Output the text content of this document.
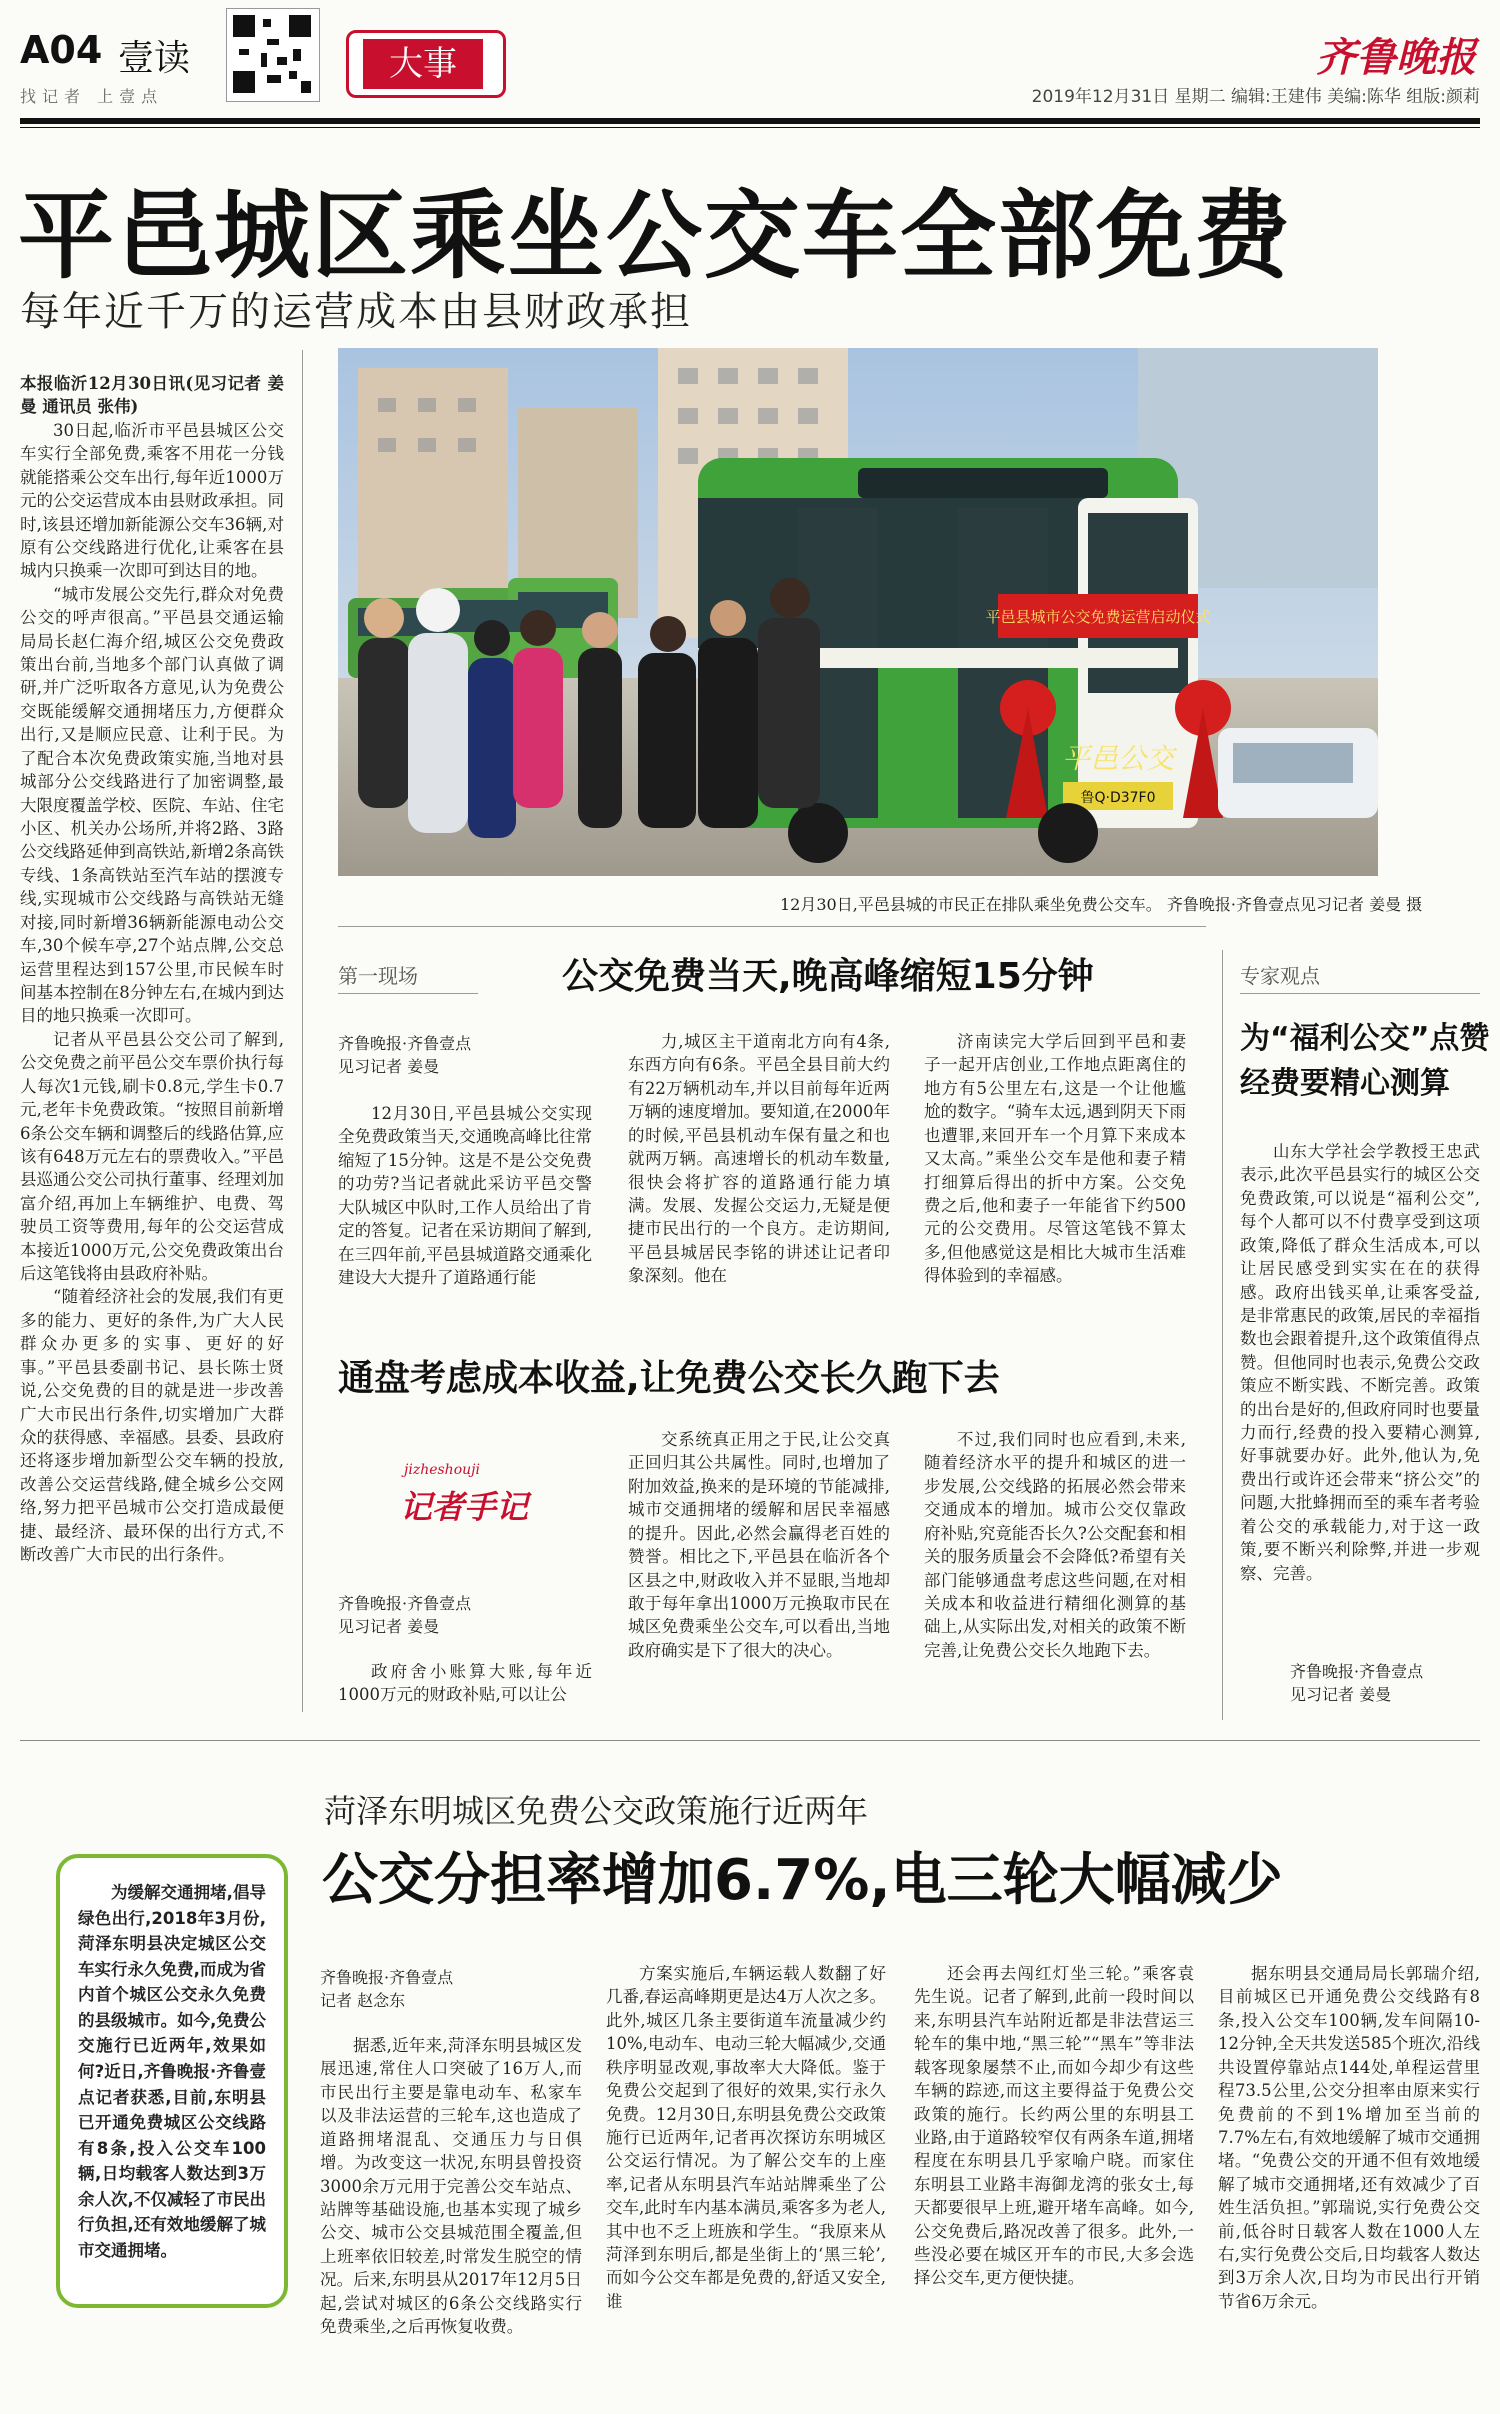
A04 壹读
找记者 上壹点
大事	齐鲁晚报
2019年12月31日 星期二 编辑:王建伟 美编:陈华 组版:颜莉
平邑城区乘坐公交车全部免费
每年近千万的运营成本由县财政承担

本报临沂12月30日讯(见习记者 姜曼 通讯员 张伟)

30日起,临沂市平邑县城区公交车实行全部免费,乘客不用花一分钱就能搭乘公交车出行,每年近1000万元的公交运营成本由县财政承担。同时,该县还增加新能源公交车36辆,对原有公交线路进行优化,让乘客在县城内只换乘一次即可到达目的地。

“城市发展公交先行,群众对免费公交的呼声很高。”平邑县交通运输局局长赵仁海介绍,城区公交免费政策出台前,当地多个部门认真做了调研,并广泛听取各方意见,认为免费公交既能缓解交通拥堵压力,方便群众出行,又是顺应民意、让利于民。为了配合本次免费政策实施,当地对县城部分公交线路进行了加密调整,最大限度覆盖学校、医院、车站、住宅小区、机关办公场所,并将2路、3路公交线路延伸到高铁站,新增2条高铁专线、1条高铁站至汽车站的摆渡专线,实现城市公交线路与高铁站无缝对接,同时新增36辆新能源电动公交车,30个候车亭,27个站点牌,公交总运营里程达到157公里,市民候车时间基本控制在8分钟左右,在城内到达目的地只换乘一次即可。

记者从平邑县公交公司了解到,公交免费之前平邑公交车票价执行每人每次1元钱,刷卡0.8元,学生卡0.7元,老年卡免费政策。“按照目前新增6条公交车辆和调整后的线路估算,应该有648万元左右的票费收入。”平邑县巡通公交公司执行董事、经理刘加富介绍,再加上车辆维护、电费、驾驶员工资等费用,每年的公交运营成本接近1000万元,公交免费政策出台后这笔钱将由县政府补贴。

“随着经济社会的发展,我们有更多的能力、更好的条件,为广大人民群众办更多的实事、更好的好事。”平邑县委副书记、县长陈士贤说,公交免费的目的就是进一步改善广大市民出行条件,切实增加广大群众的获得感、幸福感。县委、县政府还将逐步增加新型公交车辆的投放,改善公交运营线路,健全城乡公交网络,努力把平邑城市公交打造成最便捷、最经济、最环保的出行方式,不断改善广大市民的出行条件。

平邑县城市公交免费运营启动仪式
平邑公交
鲁Q·D37F0
12月30日,平邑县城的市民正在排队乘坐免费公交车。 齐鲁晚报·齐鲁壹点见习记者 姜曼 摄
第一现场	公交免费当天,晚高峰缩短15分钟
齐鲁晚报·齐鲁壹点
见习记者 姜曼

12月30日,平邑县城公交实现全免费政策当天,交通晚高峰比往常缩短了15分钟。这是不是公交免费的功劳?当记者就此采访平邑交警大队城区中队时,工作人员给出了肯定的答复。记者在采访期间了解到,在三四年前,平邑县城道路交通乘化建设大大提升了道路通行能

力,城区主干道南北方向有4条,东西方向有6条。平邑全县目前大约有22万辆机动车,并以目前每年近两万辆的速度增加。要知道,在2000年的时候,平邑县机动车保有量之和也就两万辆。高速增长的机动车数量,很快会将扩容的道路通行能力填满。发展、发握公交运力,无疑是便捷市民出行的一个良方。走访期间,平邑县城居民李铭的讲述让记者印象深刻。他在

济南读完大学后回到平邑和妻子一起开店创业,工作地点距离住的地方有5公里左右,这是一个让他尴尬的数字。“骑车太远,遇到阴天下雨也遭罪,来回开车一个月算下来成本又太高。”乘坐公交车是他和妻子精打细算后得出的折中方案。公交免费之后,他和妻子一年能省下约500元的公交费用。尽管这笔钱不算太多,但他感觉这是相比大城市生活难得体验到的幸福感。

专家观点
为“福利公交”点赞
经费要精心测算

山东大学社会学教授王忠武表示,此次平邑县实行的城区公交免费政策,可以说是“福利公交”,每个人都可以不付费享受到这项政策,降低了群众生活成本,可以让居民感受到实实在在的获得感。政府出钱买单,让乘客受益,是非常惠民的政策,居民的幸福指数也会跟着提升,这个政策值得点赞。但他同时也表示,免费公交政策应不断实践、不断完善。政策的出台是好的,但政府同时也要量力而行,经费的投入要精心测算,好事就要办好。此外,他认为,免费出行或许还会带来“挤公交”的问题,大批蜂拥而至的乘车者考验着公交的承载能力,对于这一政策,要不断兴利除弊,并进一步观察、完善。

齐鲁晚报·齐鲁壹点
见习记者 姜曼
通盘考虑成本收益,让免费公交长久跑下去
jizheshouji
记者手记
齐鲁晚报·齐鲁壹点
见习记者 姜曼

政府舍小账算大账,每年近1000万元的财政补贴,可以让公

交系统真正用之于民,让公交真正回归其公共属性。同时,也增加了附加效益,换来的是环境的节能减排,城市交通拥堵的缓解和居民幸福感的提升。因此,必然会赢得老百姓的赞誉。相比之下,平邑县在临沂各个区县之中,财政收入并不显眼,当地却敢于每年拿出1000万元换取市民在城区免费乘坐公交车,可以看出,当地政府确实是下了很大的决心。

不过,我们同时也应看到,未来,随着经济水平的提升和城区的进一步发展,公交线路的拓展必然会带来交通成本的增加。城市公交仅靠政府补贴,究竟能否长久?公交配套和相关的服务质量会不会降低?希望有关部门能够通盘考虑这些问题,在对相关成本和收益进行精细化测算的基础上,从实际出发,对相关的政策不断完善,让免费公交长久地跑下去。

菏泽东明城区免费公交政策施行近两年
公交分担率增加6.7%,电三轮大幅减少

为缓解交通拥堵,倡导绿色出行,2018年3月份,菏泽东明县决定城区公交车实行永久免费,而成为省内首个城区公交永久免费的县级城市。如今,免费公交施行已近两年,效果如何?近日,齐鲁晚报·齐鲁壹点记者获悉,目前,东明县已开通免费城区公交线路有8条,投入公交车100辆,日均载客人数达到3万余人次,不仅减轻了市民出行负担,还有效地缓解了城市交通拥堵。

齐鲁晚报·齐鲁壹点
记者 赵念东

据悉,近年来,菏泽东明县城区发展迅速,常住人口突破了16万人,而市民出行主要是靠电动车、私家车以及非法运营的三轮车,这也造成了道路拥堵混乱、交通压力与日俱增。为改变这一状况,东明县曾投资3000余万元用于完善公交车站点、站牌等基础设施,也基本实现了城乡公交、城市公交县城范围全覆盖,但上班率依旧较差,时常发生脱空的情况。后来,东明县从2017年12月5日起,尝试对城区的6条公交线路实行免费乘坐,之后再恢复收费。

方案实施后,车辆运载人数翻了好几番,春运高峰期更是达4万人次之多。此外,城区几条主要街道车流量减少约10%,电动车、电动三轮大幅减少,交通秩序明显改观,事故率大大降低。鉴于免费公交起到了很好的效果,实行永久免费。12月30日,东明县免费公交政策施行已近两年,记者再次探访东明城区公交运行情况。为了解公交车的上座率,记者从东明县汽车站站牌乘坐了公交车,此时车内基本满员,乘客多为老人,其中也不乏上班族和学生。“我原来从菏泽到东明后,都是坐街上的‘黑三轮’,而如今公交车都是免费的,舒适又安全,谁

还会再去闯红灯坐三轮。”乘客袁先生说。记者了解到,此前一段时间以来,东明县汽车站附近都是非法营运三轮车的集中地,“黑三轮”“黑车”等非法载客现象屡禁不止,而如今却少有这些车辆的踪迹,而这主要得益于免费公交政策的施行。长约两公里的东明县工业路,由于道路较窄仅有两条车道,拥堵程度在东明县几乎家喻户晓。而家住东明县工业路丰海御龙湾的张女士,每天都要很早上班,避开堵车高峰。如今,公交免费后,路况改善了很多。此外,一些没必要在城区开车的市民,大多会选择公交车,更方便快捷。

据东明县交通局局长郭瑞介绍,目前城区已开通免费公交线路有8条,投入公交车100辆,发车间隔10-12分钟,全天共发送585个班次,沿线共设置停靠站点144处,单程运营里程73.5公里,公交分担率由原来实行免费前的不到1%增加至当前的7.7%左右,有效地缓解了城市交通拥堵。“免费公交的开通不但有效地缓解了城市交通拥堵,还有效减少了百姓生活负担。”郭瑞说,实行免费公交前,低谷时日载客人数在1000人左右,实行免费公交后,日均载客人数达到3万余人次,日均为市民出行开销节省6万余元。
